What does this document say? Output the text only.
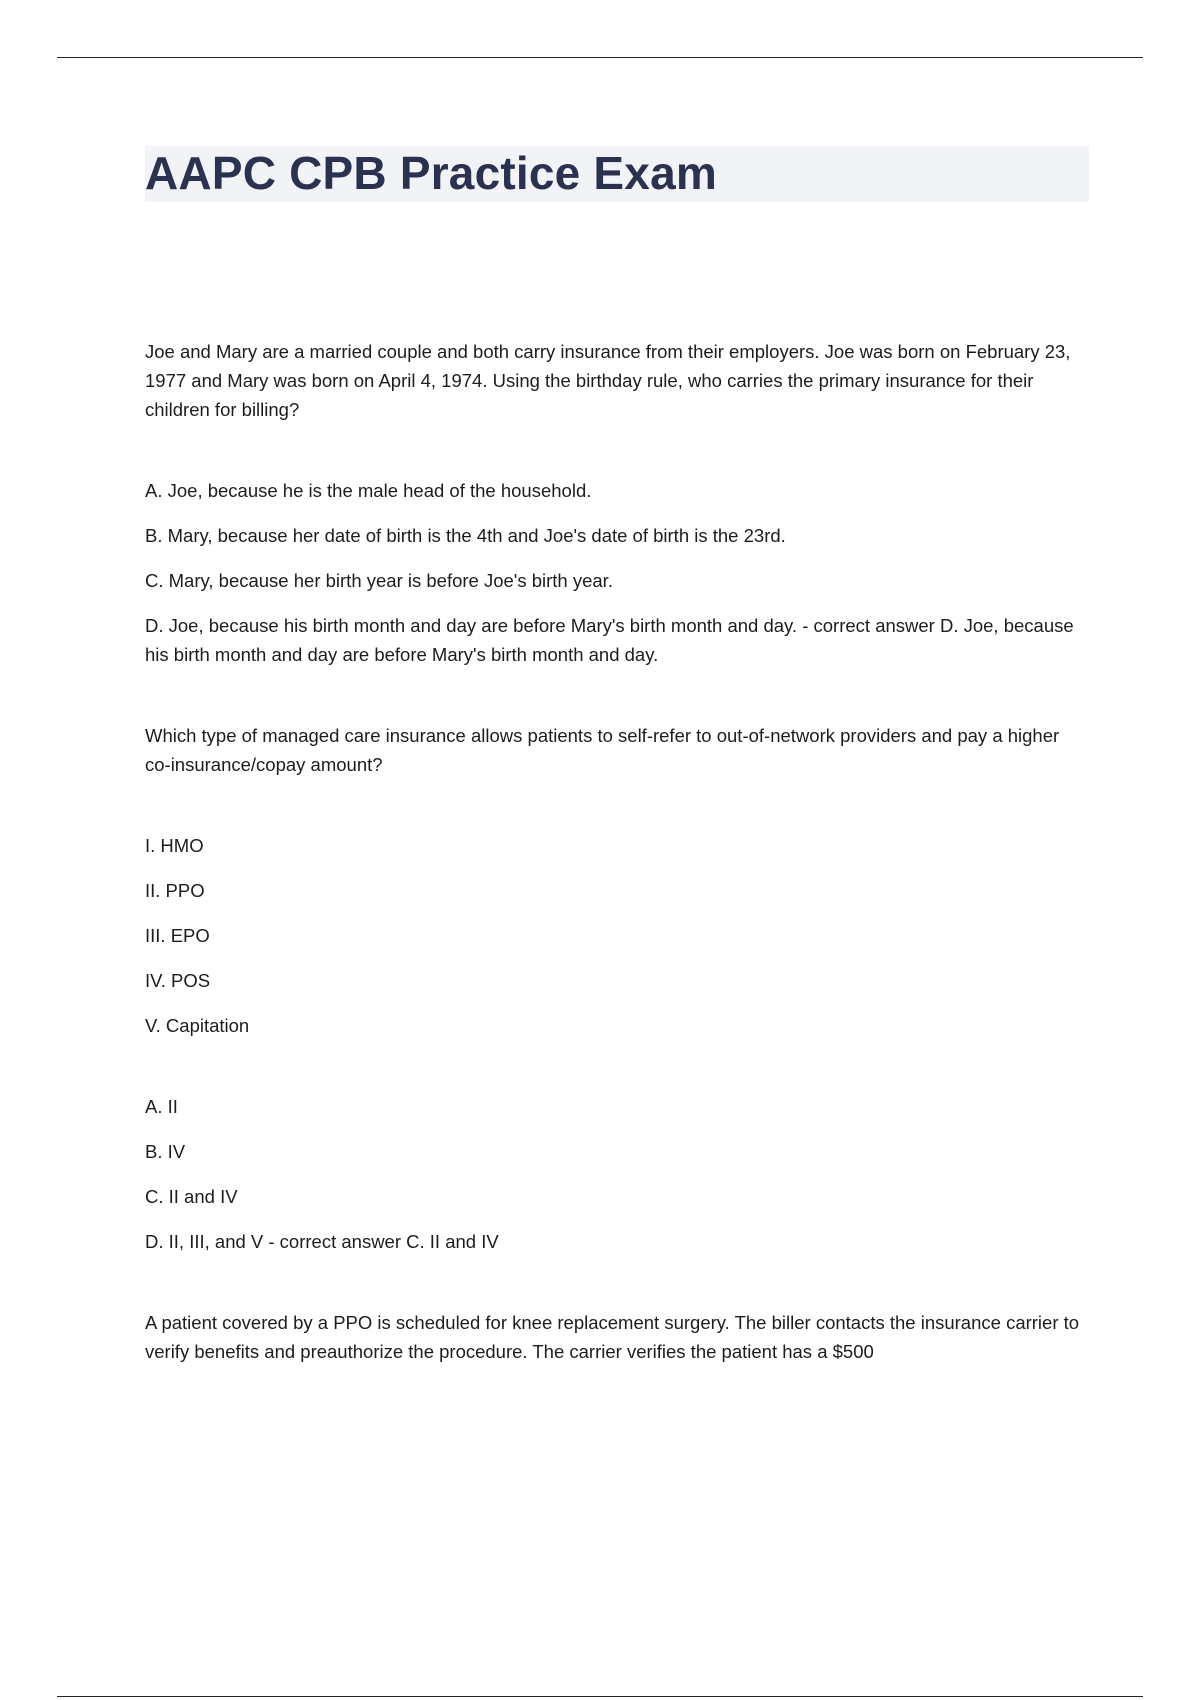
AAPC CPB Practice Exam

Joe and Mary are a married couple and both carry insurance from their employers. Joe was born on February 23, 1977 and Mary was born on April 4, 1974. Using the birthday rule, who carries the primary insurance for their children for billing?

A. Joe, because he is the male head of the household.

B. Mary, because her date of birth is the 4th and Joe's date of birth is the 23rd.

C. Mary, because her birth year is before Joe's birth year.

D. Joe, because his birth month and day are before Mary's birth month and day. - correct answer D. Joe, because his birth month and day are before Mary's birth month and day.

Which type of managed care insurance allows patients to self-refer to out-of-network providers and pay a higher co-insurance/copay amount?

I. HMO

II. PPO

III. EPO

IV. POS

V. Capitation

A. II

B. IV

C. II and IV

D. II, III, and V - correct answer C. II and IV

A patient covered by a PPO is scheduled for knee replacement surgery. The biller contacts the insurance carrier to verify benefits and preauthorize the procedure. The carrier verifies the patient has a $500
